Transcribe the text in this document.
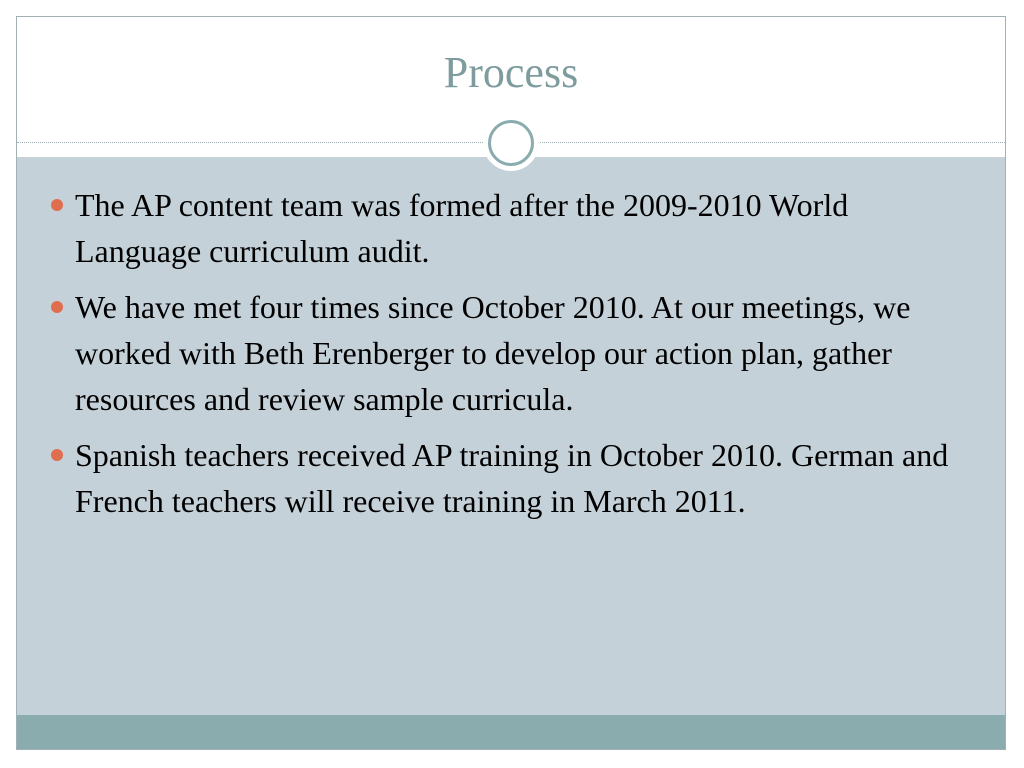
Process
The AP content team was formed after the 2009-2010 World Language curriculum audit.
We have met four times since October 2010. At our meetings, we worked with Beth Erenberger to develop our action plan, gather resources and review sample curricula.
Spanish teachers received AP training in October 2010. German and French teachers will receive training in March 2011.
